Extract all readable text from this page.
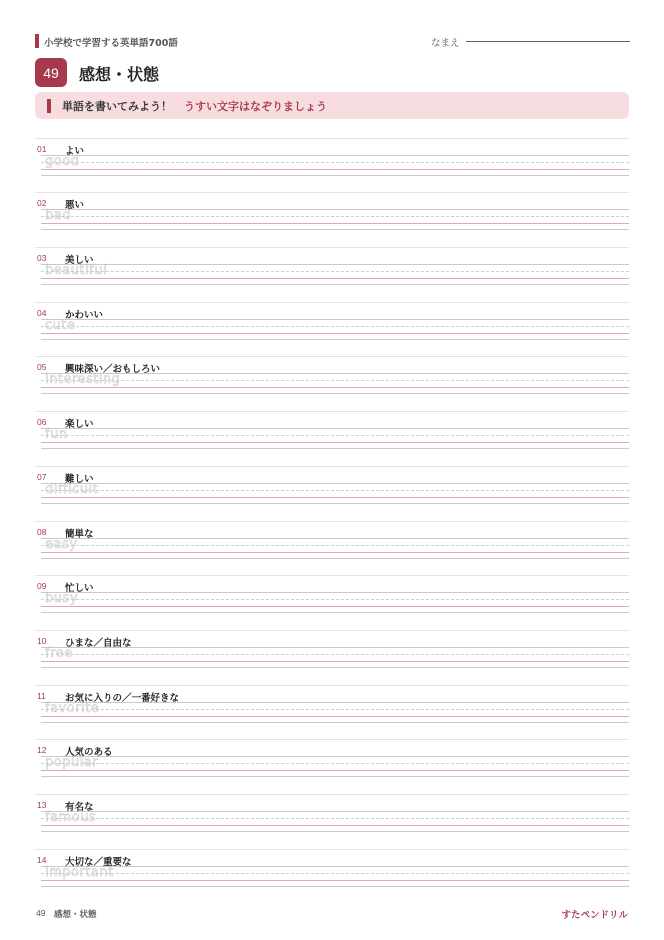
小学校で学習する英単語700語	なまえ
49	感想・状態
単語を書いてみよう！ うすい文字はなぞりましょう
01 よい
good
02 悪い
bad
03 美しい
beautiful
04 かわいい
cute
05 興味深い／おもしろい
interesting
06 楽しい
fun
07 難しい
difficult
08 簡単な
easy
09 忙しい
busy
10 ひまな／自由な
free
11 お気に入りの／一番好きな
favorite
12 人気のある
popular
13 有名な
famous
14 大切な／重要な
important
49 感想・状態	すたペンドリル
